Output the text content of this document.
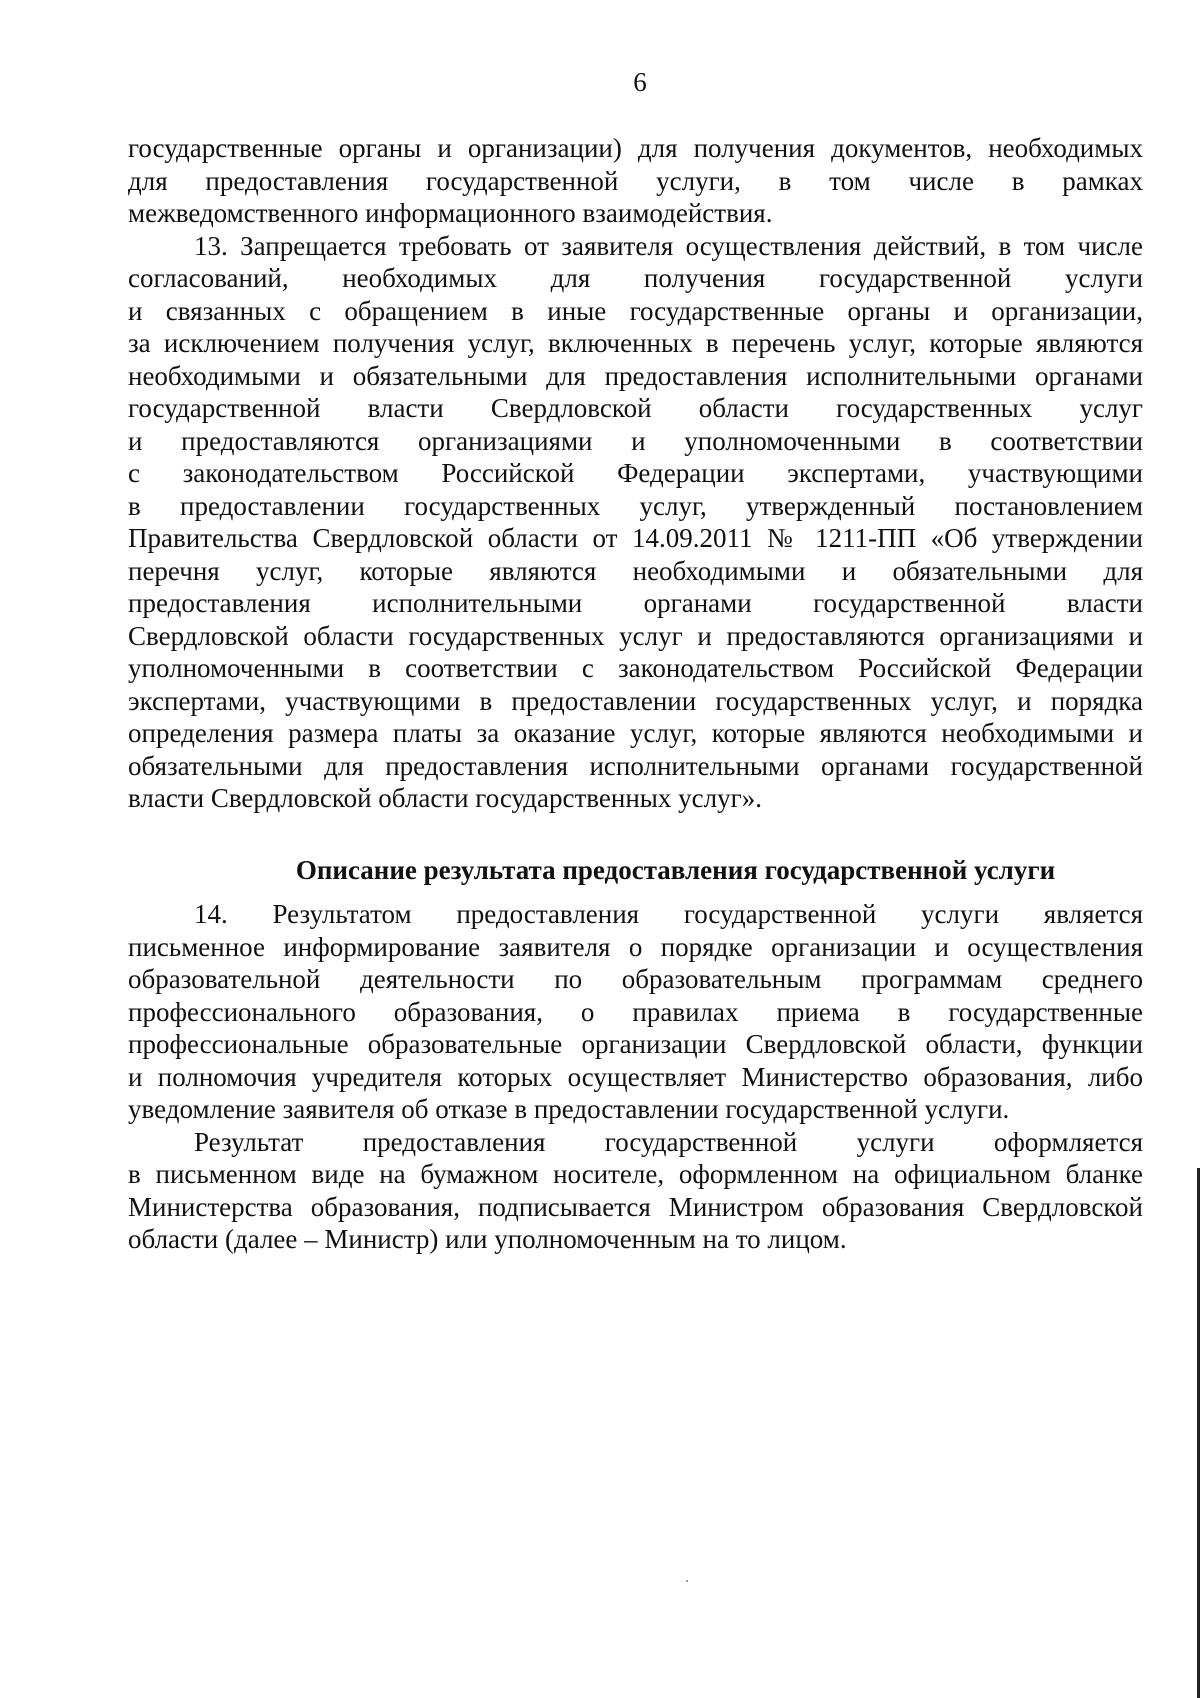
6
государственные органы и организации) для получения документов, необходимых
для предоставления государственной услуги, в том числе в рамках
межведомственного информационного взаимодействия.
13. Запрещается требовать от заявителя осуществления действий, в том числе
согласований, необходимых для получения государственной услуги
и связанных с обращением в иные государственные органы и организации,
за исключением получения услуг, включенных в перечень услуг, которые являются
необходимыми и обязательными для предоставления исполнительными органами
государственной власти Свердловской области государственных услуг
и предоставляются организациями и уполномоченными в соответствии
с законодательством Российской Федерации экспертами, участвующими
в предоставлении государственных услуг, утвержденный постановлением
Правительства Свердловской области от 14.09.2011 № 1211-ПП «Об утверждении
перечня услуг, которые являются необходимыми и обязательными для
предоставления исполнительными органами государственной власти
Свердловской области государственных услуг и предоставляются организациями и
уполномоченными в соответствии с законодательством Российской Федерации
экспертами, участвующими в предоставлении государственных услуг, и порядка
определения размера платы за оказание услуг, которые являются необходимыми и
обязательными для предоставления исполнительными органами государственной
власти Свердловской области государственных услуг».
Описание результата предоставления государственной услуги
14. Результатом предоставления государственной услуги является
письменное информирование заявителя о порядке организации и осуществления
образовательной деятельности по образовательным программам среднего
профессионального образования, о правилах приема в государственные
профессиональные образовательные организации Свердловской области, функции
и полномочия учредителя которых осуществляет Министерство образования, либо
уведомление заявителя об отказе в предоставлении государственной услуги.
Результат предоставления государственной услуги оформляется
в письменном виде на бумажном носителе, оформленном на официальном бланке
Министерства образования, подписывается Министром образования Свердловской
области (далее – Министр) или уполномоченным на то лицом.
